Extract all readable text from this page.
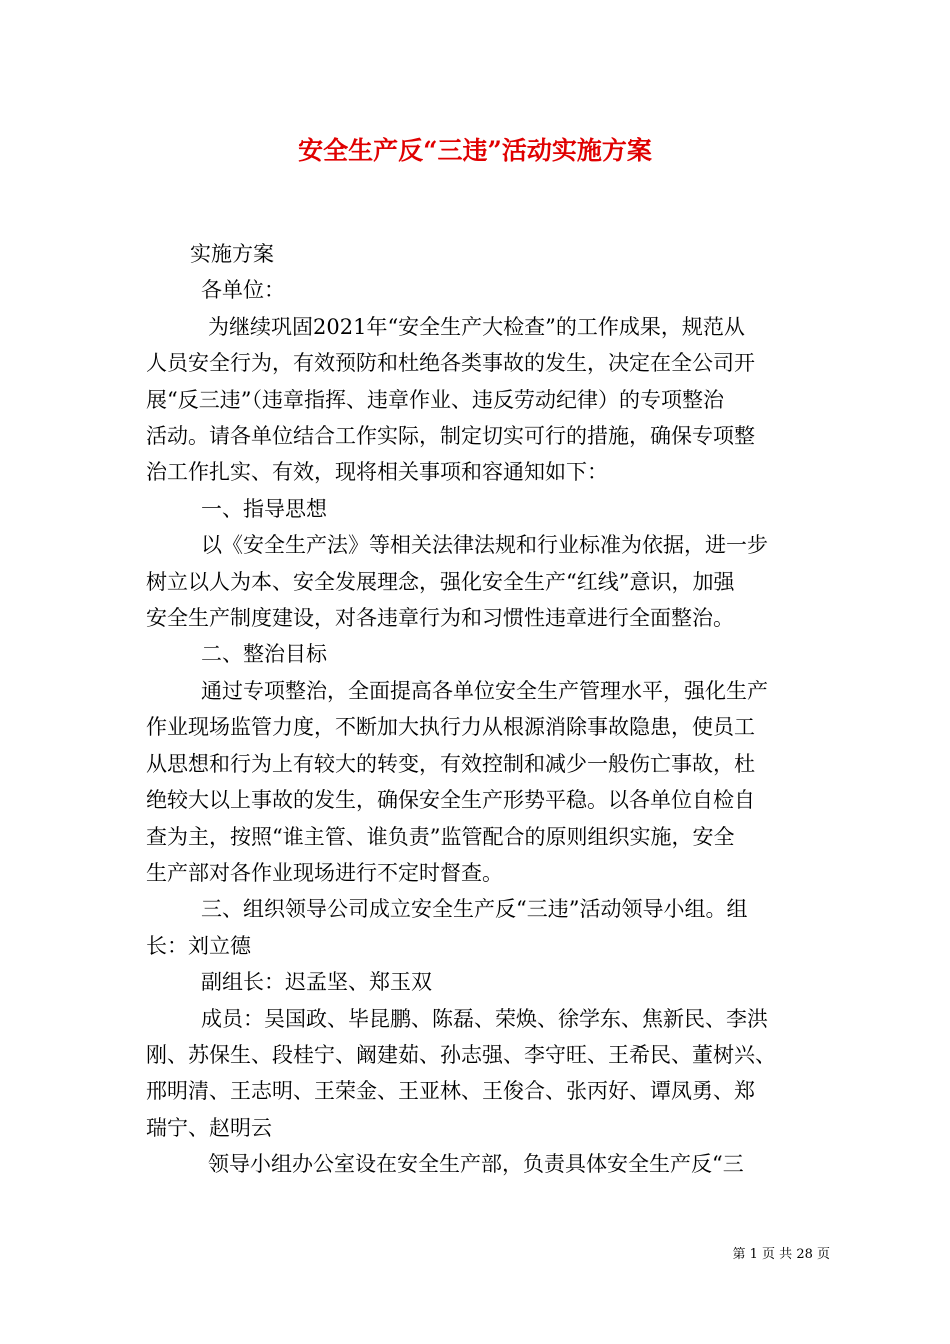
安全生产反“三违”活动实施方案

实施方案

各单位：

为继续巩固2021年“安全生产大检查”的工作成果，规范从

人员安全行为，有效预防和杜绝各类事故的发生，决定在全公司开

展“反三违”（违章指挥、违章作业、违反劳动纪律）的专项整治

活动。请各单位结合工作实际，制定切实可行的措施，确保专项整

治工作扎实、有效，现将相关事项和容通知如下：

一、指导思想

以《安全生产法》等相关法律法规和行业标准为依据，进一步

树立以人为本、安全发展理念，强化安全生产“红线”意识，加强

安全生产制度建设，对各违章行为和习惯性违章进行全面整治。

二、整治目标

通过专项整治，全面提高各单位安全生产管理水平，强化生产

作业现场监管力度，不断加大执行力从根源消除事故隐患，使员工

从思想和行为上有较大的转变，有效控制和减少一般伤亡事故，杜

绝较大以上事故的发生，确保安全生产形势平稳。以各单位自检自

查为主，按照“谁主管、谁负责”监管配合的原则组织实施，安全

生产部对各作业现场进行不定时督查。

三、组织领导公司成立安全生产反“三违”活动领导小组。组

长：刘立德

副组长：迟孟坚、郑玉双

成员：吴国政、毕昆鹏、陈磊、荣焕、徐学东、焦新民、李洪

刚、苏保生、段桂宁、阚建茹、孙志强、李守旺、王希民、董树兴、

邢明清、王志明、王荣金、王亚林、王俊合、张丙好、谭凤勇、郑

瑞宁、赵明云

领导小组办公室设在安全生产部，负责具体安全生产反“三

第 1 页 共 28 页
